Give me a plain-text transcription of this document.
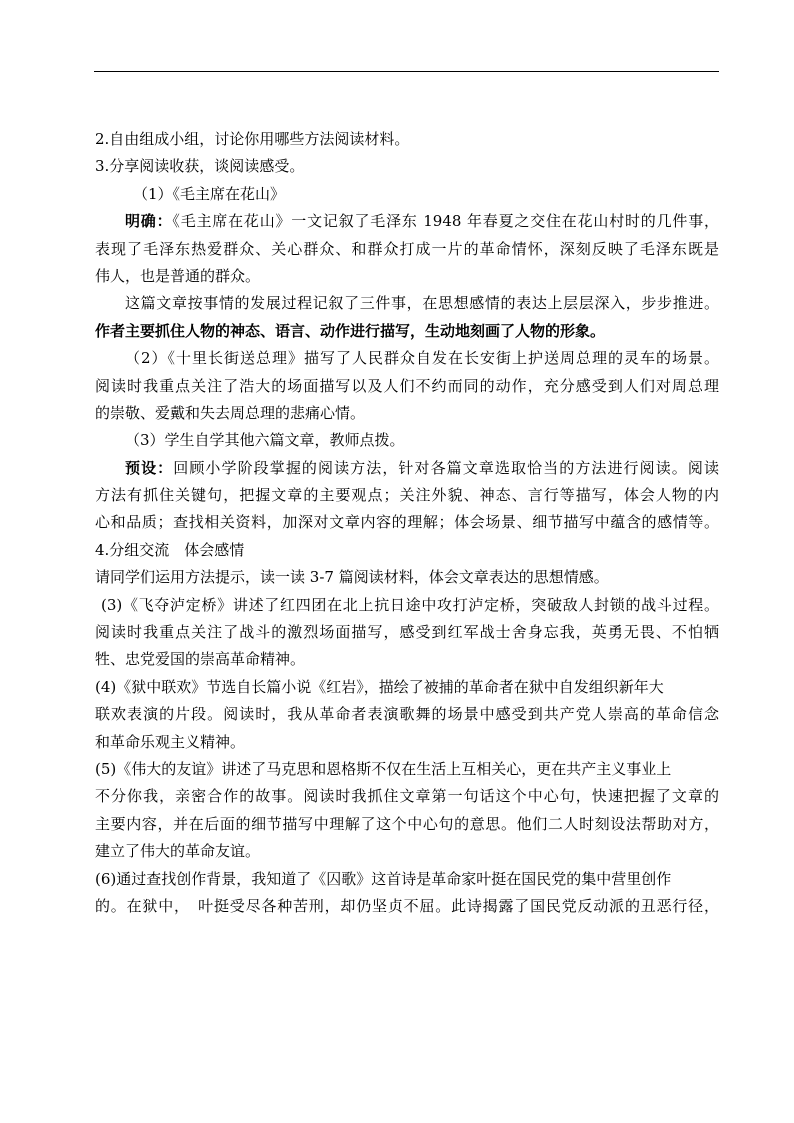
2.自由组成小组，讨论你用哪些方法阅读材料。
3.分享阅读收获，谈阅读感受。
（1）《毛主席在花山》
明确：《毛主席在花山》一文记叙了毛泽东 1948 年春夏之交住在花山村时的几件事，
表现了毛泽东热爱群众、关心群众、和群众打成一片的革命情怀，深刻反映了毛泽东既是
伟人，也是普通的群众。
这篇文章按事情的发展过程记叙了三件事，在思想感情的表达上层层深入，步步推进。
作者主要抓住人物的神态、语言、动作进行描写，生动地刻画了人物的形象。
（2）《十里长街送总理》描写了人民群众自发在长安街上护送周总理的灵车的场景。
阅读时我重点关注了浩大的场面描写以及人们不约而同的动作，充分感受到人们对周总理
的崇敬、爱戴和失去周总理的悲痛心情。
（3）学生自学其他六篇文章，教师点拨。
预设：回顾小学阶段掌握的阅读方法，针对各篇文章选取恰当的方法进行阅读。阅读
方法有抓住关键句，把握文章的主要观点；关注外貌、神态、言行等描写，体会人物的内
心和品质；查找相关资料，加深对文章内容的理解；体会场景、细节描写中蕴含的感情等。
4.分组交流　体会感情
请同学们运用方法提示，读一读 3-7 篇阅读材料，体会文章表达的思想情感。
(3)《飞夺泸定桥》讲述了红四团在北上抗日途中攻打泸定桥，突破敌人封锁的战斗过程。
阅读时我重点关注了战斗的激烈场面描写，感受到红军战士舍身忘我，英勇无畏、不怕牺
牲、忠党爱国的崇高革命精神。
(4)《狱中联欢》节选自长篇小说《红岩》，描绘了被捕的革命者在狱中自发组织新年大
联欢表演的片段。阅读时，我从革命者表演歌舞的场景中感受到共产党人崇高的革命信念
和革命乐观主义精神。
(5)《伟大的友谊》讲述了马克思和恩格斯不仅在生活上互相关心，更在共产主义事业上
不分你我，亲密合作的故事。阅读时我抓住文章第一句话这个中心句，快速把握了文章的
主要内容，并在后面的细节描写中理解了这个中心句的意思。他们二人时刻设法帮助对方，
建立了伟大的革命友谊。
(6)通过查找创作背景，我知道了《囚歌》这首诗是革命家叶挺在国民党的集中营里创作
的。在狱中，　叶挺受尽各种苦刑，却仍坚贞不屈。此诗揭露了国民党反动派的丑恶行径，
